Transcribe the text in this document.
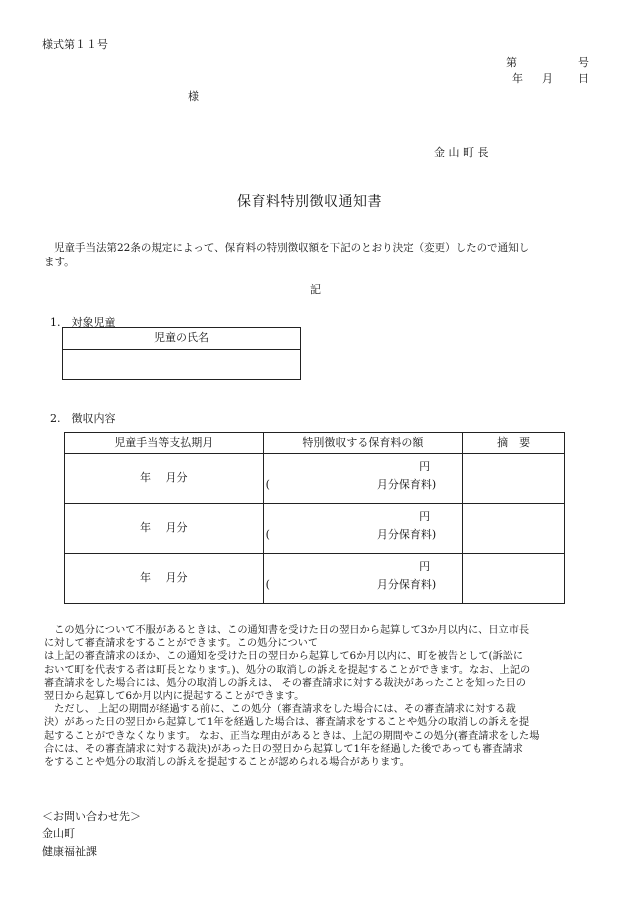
様式第１１号
第	号
年 月 日
様
金 山 町 長
保育料特別徴収通知書
児童手当法第22条の規定によって、保育料の特別徴収額を下記のとおり決定（変更）したので通知し
ます。
記
1.　対象児童
児童の氏名

2.　徴収内容
児童手当等支払期月	特別徴収する保育料の額	摘　要
年　 月分	円
( 月分保育料)	

年　 月分	円
( 月分保育料)	

年　 月分	円
( 月分保育料)	

　この処分について不服があるときは、この通知書を受けた日の翌日から起算して3か月以内に、日立市長
に対して審査請求をすることができます。この処分について
は上記の審査請求のほか、この通知を受けた日の翌日から起算して6か月以内に、町を被告として(訴訟に
おいて町を代表する者は町長となります。)、処分の取消しの訴えを提起することができます。なお、上記の
審査請求をした場合には、処分の取消しの訴えは、 その審査請求に対する裁決があったことを知った日の
翌日から起算して6か月以内に提起することができます。
　ただし、 上記の期間が経過する前に、この処分（審査請求をした場合には、その審査請求に対する裁
決）があった日の翌日から起算して1年を経過した場合は、審査請求をすることや処分の取消しの訴えを提
起することができなくなります。 なお、正当な理由があるときは、上記の期間やこの処分(審査請求をした場
合には、その審査請求に対する裁決)があった日の翌日から起算して1年を経過した後であっても審査請求
をすることや処分の取消しの訴えを提起することが認められる場合があります。
＜お問い合わせ先＞
金山町
健康福祉課
